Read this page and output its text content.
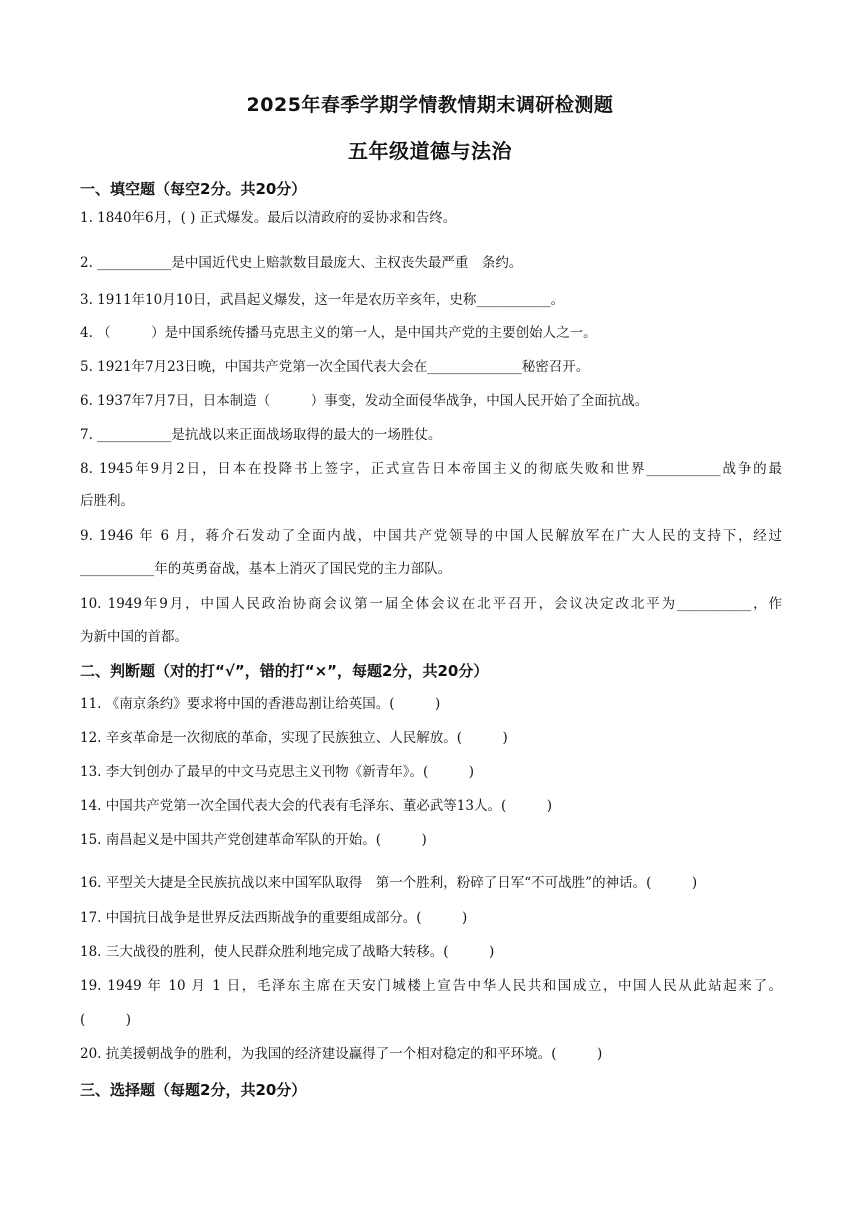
2025年春季学期学情教情期末调研检测题
五年级道德与法治
一、填空题（每空2分。共20分）
1. 1840年6月，( ) 正式爆发。最后以清政府的妥协求和告终。
2. ___________是中国近代史上赔款数目最庞大、主权丧失最严重　条约。
3. 1911年10月10日，武昌起义爆发，这一年是农历辛亥年，史称___________。
4. （　　　）是中国系统传播马克思主义的第一人，是中国共产党的主要创始人之一。
5. 1921年7月23日晚，中国共产党第一次全国代表大会在______________秘密召开。
6. 1937年7月7日，日本制造（　　　）事变，发动全面侵华战争，中国人民开始了全面抗战。
7. ___________是抗战以来正面战场取得的最大的一场胜仗。
8. 1945年9月2日，日本在投降书上签字，正式宣告日本帝国主义的彻底失败和世界___________战争的最
后胜利。
9. 1946 年 6 月，蒋介石发动了全面内战，中国共产党领导的中国人民解放军在广大人民的支持下，经过
___________年的英勇奋战，基本上消灭了国民党的主力部队。
10. 1949年9月，中国人民政治协商会议第一届全体会议在北平召开，会议决定改北平为___________，作
为新中国的首都。
二、判断题（对的打“√”，错的打“×”，每题2分，共20分）
11. 《南京条约》要求将中国的香港岛割让给英国。(　　　)
12. 辛亥革命是一次彻底的革命，实现了民族独立、人民解放。(　　　)
13. 李大钊创办了最早的中文马克思主义刊物《新青年》。(　　　)
14. 中国共产党第一次全国代表大会的代表有毛泽东、董必武等13人。(　　　)
15. 南昌起义是中国共产党创建革命军队的开始。(　　　)
16. 平型关大捷是全民族抗战以来中国军队取得　第一个胜利，粉碎了日军“不可战胜”的神话。(　　　)
17. 中国抗日战争是世界反法西斯战争的重要组成部分。(　　　)
18. 三大战役的胜利，使人民群众胜利地完成了战略大转移。(　　　)
19. 1949 年 10 月 1 日，毛泽东主席在天安门城楼上宣告中华人民共和国成立，中国人民从此站起来了。
(　　　)
20. 抗美援朝战争的胜利，为我国的经济建设赢得了一个相对稳定的和平环境。(　　　)
三、选择题（每题2分，共20分）
